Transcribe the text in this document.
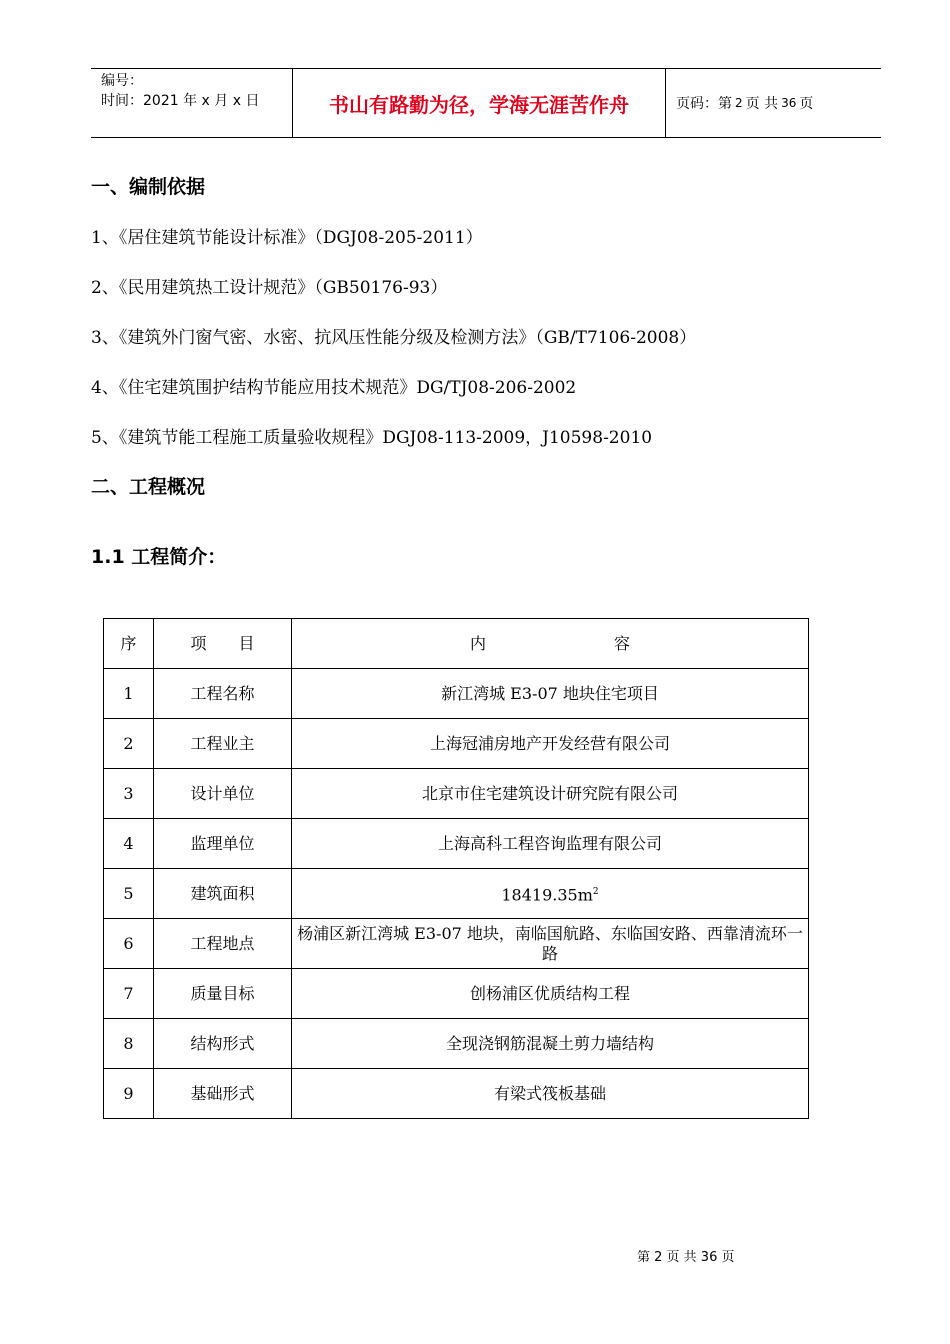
编号：
时间：2021 年 x 月 x 日	书山有路勤为径，学海无涯苦作舟	页码：第 2 页 共 36 页
一、编制依据
1、《居住建筑节能设计标准》（DGJ08-205-2011）
2、《民用建筑热工设计规范》（GB50176-93）
3、《建筑外门窗气密、水密、抗风压性能分级及检测方法》（GB/T7106-2008）
4、《住宅建筑围护结构节能应用技术规范》DG/TJ08-206-2002
5、《建筑节能工程施工质量验收规程》DGJ08-113-2009，J10598-2010
二、工程概况
1.1 工程简介：
序	项　　目	内　　　　　　　　容
1	工程名称	新江湾城 E3-07 地块住宅项目
2	工程业主	上海冠浦房地产开发经营有限公司
3	设计单位	北京市住宅建筑设计研究院有限公司
4	监理单位	上海高科工程咨询监理有限公司
5	建筑面积	$18419.35m^2$
6	工程地点	杨浦区新江湾城 E3-07 地块，南临国航路、东临国安路、西靠清流环一路
7	质量目标	创杨浦区优质结构工程
8	结构形式	全现浇钢筋混凝土剪力墙结构
9	基础形式	有梁式筏板基础
第 2 页 共 36 页
